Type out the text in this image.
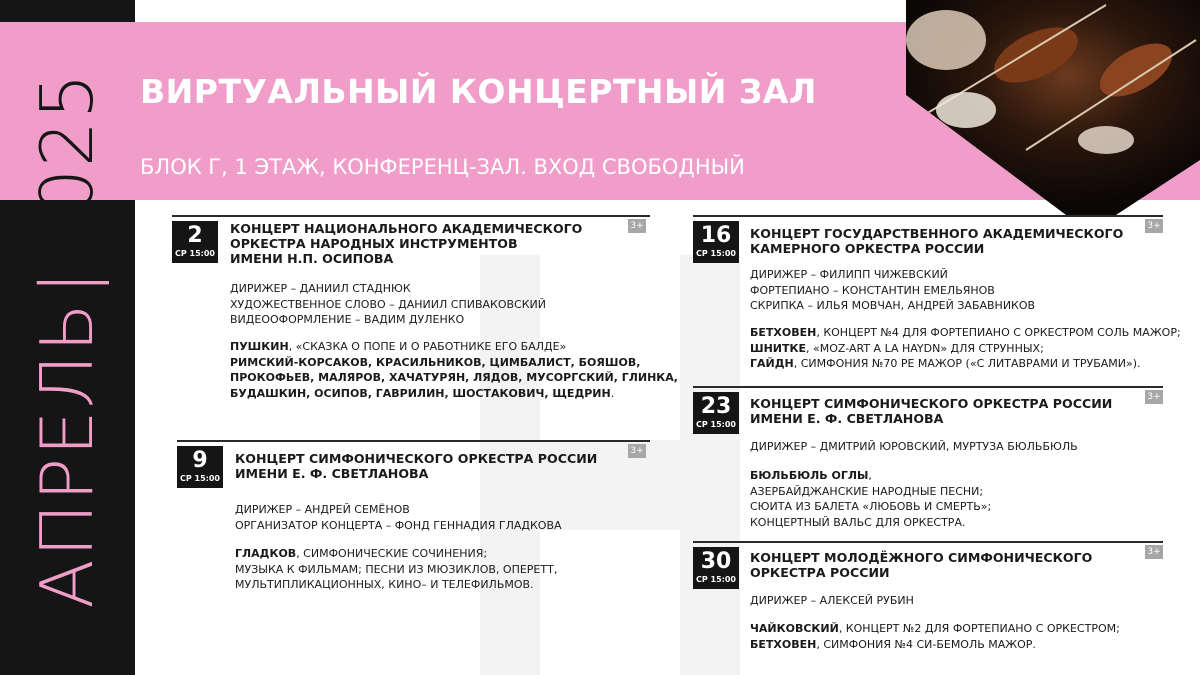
АПРЕЛЬ
|
2025 ВИРТУАЛЬНЫЙ КОНЦЕРТНЫЙ ЗАЛ
БЛОК Г, 1 ЭТАЖ, КОНФЕРЕНЦ-ЗАЛ. ВХОД СВОБОДНЫЙ
3+
2
СР 15:00
КОНЦЕРТ НАЦИОНАЛЬНОГО АКАДЕМИЧЕСКОГО
ОРКЕСТРА НАРОДНЫХ ИНСТРУМЕНТОВ
ИМЕНИ Н.П. ОСИПОВА
ДИРИЖЕР – ДАНИИЛ СТАДНЮК
ХУДОЖЕСТВЕННОЕ СЛОВО – ДАНИИЛ СПИВАКОВСКИЙ
ВИДЕООФОРМЛЕНИЕ – ВАДИМ ДУЛЕНКО
ПУШКИН, «СКАЗКА О ПОПЕ И О РАБОТНИКЕ ЕГО БАЛДЕ»
РИМСКИЙ-КОРСАКОВ, КРАСИЛЬНИКОВ, ЦИМБАЛИСТ, БОЯШОВ,
ПРОКОФЬЕВ, МАЛЯРОВ, ХАЧАТУРЯН, ЛЯДОВ, МУСОРГСКИЙ, ГЛИНКА,
БУДАШКИН, ОСИПОВ, ГАВРИЛИН, ШОСТАКОВИЧ, ЩЕДРИН.
3+
9
СР 15:00
КОНЦЕРТ СИМФОНИЧЕСКОГО ОРКЕСТРА РОССИИ
ИМЕНИ Е. Ф. СВЕТЛАНОВА
ДИРИЖЕР – АНДРЕЙ СЕМЁНОВ
ОРГАНИЗАТОР КОНЦЕРТА – ФОНД ГЕННАДИЯ ГЛАДКОВА
ГЛАДКОВ, СИМФОНИЧЕСКИЕ СОЧИНЕНИЯ;
МУЗЫКА К ФИЛЬМАМ; ПЕСНИ ИЗ МЮЗИКЛОВ, ОПЕРЕТТ,
МУЛЬТИПЛИКАЦИОННЫХ, КИНО– И ТЕЛЕФИЛЬМОВ.
3+
16
СР 15:00
КОНЦЕРТ ГОСУДАРСТВЕННОГО АКАДЕМИЧЕСКОГО
КАМЕРНОГО ОРКЕСТРА РОССИИ
ДИРИЖЕР – ФИЛИПП ЧИЖЕВСКИЙ
ФОРТЕПИАНО – КОНСТАНТИН ЕМЕЛЬЯНОВ
СКРИПКА – ИЛЬЯ МОВЧАН, АНДРЕЙ ЗАБАВНИКОВ
БЕТХОВЕН, КОНЦЕРТ №4 ДЛЯ ФОРТЕПИАНО С ОРКЕСТРОМ СОЛЬ МАЖОР;
ШНИТКЕ, «MOZ-ART A LA HAYDN» ДЛЯ СТРУННЫХ;
ГАЙДН, СИМФОНИЯ №70 РЕ МАЖОР («С ЛИТАВРАМИ И ТРУБАМИ»).
3+
23
СР 15:00
КОНЦЕРТ СИМФОНИЧЕСКОГО ОРКЕСТРА РОССИИ
ИМЕНИ Е. Ф. СВЕТЛАНОВА
ДИРИЖЕР – ДМИТРИЙ ЮРОВСКИЙ, МУРТУЗА БЮЛЬБЮЛЬ
БЮЛЬБЮЛЬ ОГЛЫ,
АЗЕРБАЙДЖАНСКИЕ НАРОДНЫЕ ПЕСНИ;
СЮИТА ИЗ БАЛЕТА «ЛЮБОВЬ И СМЕРТЬ»;
КОНЦЕРТНЫЙ ВАЛЬС ДЛЯ ОРКЕСТРА.
3+
30
СР 15:00
КОНЦЕРТ МОЛОДЁЖНОГО СИМФОНИЧЕСКОГО
ОРКЕСТРА РОССИИ
ДИРИЖЕР – АЛЕКСЕЙ РУБИН
ЧАЙКОВСКИЙ, КОНЦЕРТ №2 ДЛЯ ФОРТЕПИАНО С ОРКЕСТРОМ;
БЕТХОВЕН, СИМФОНИЯ №4 СИ-БЕМОЛЬ МАЖОР.
